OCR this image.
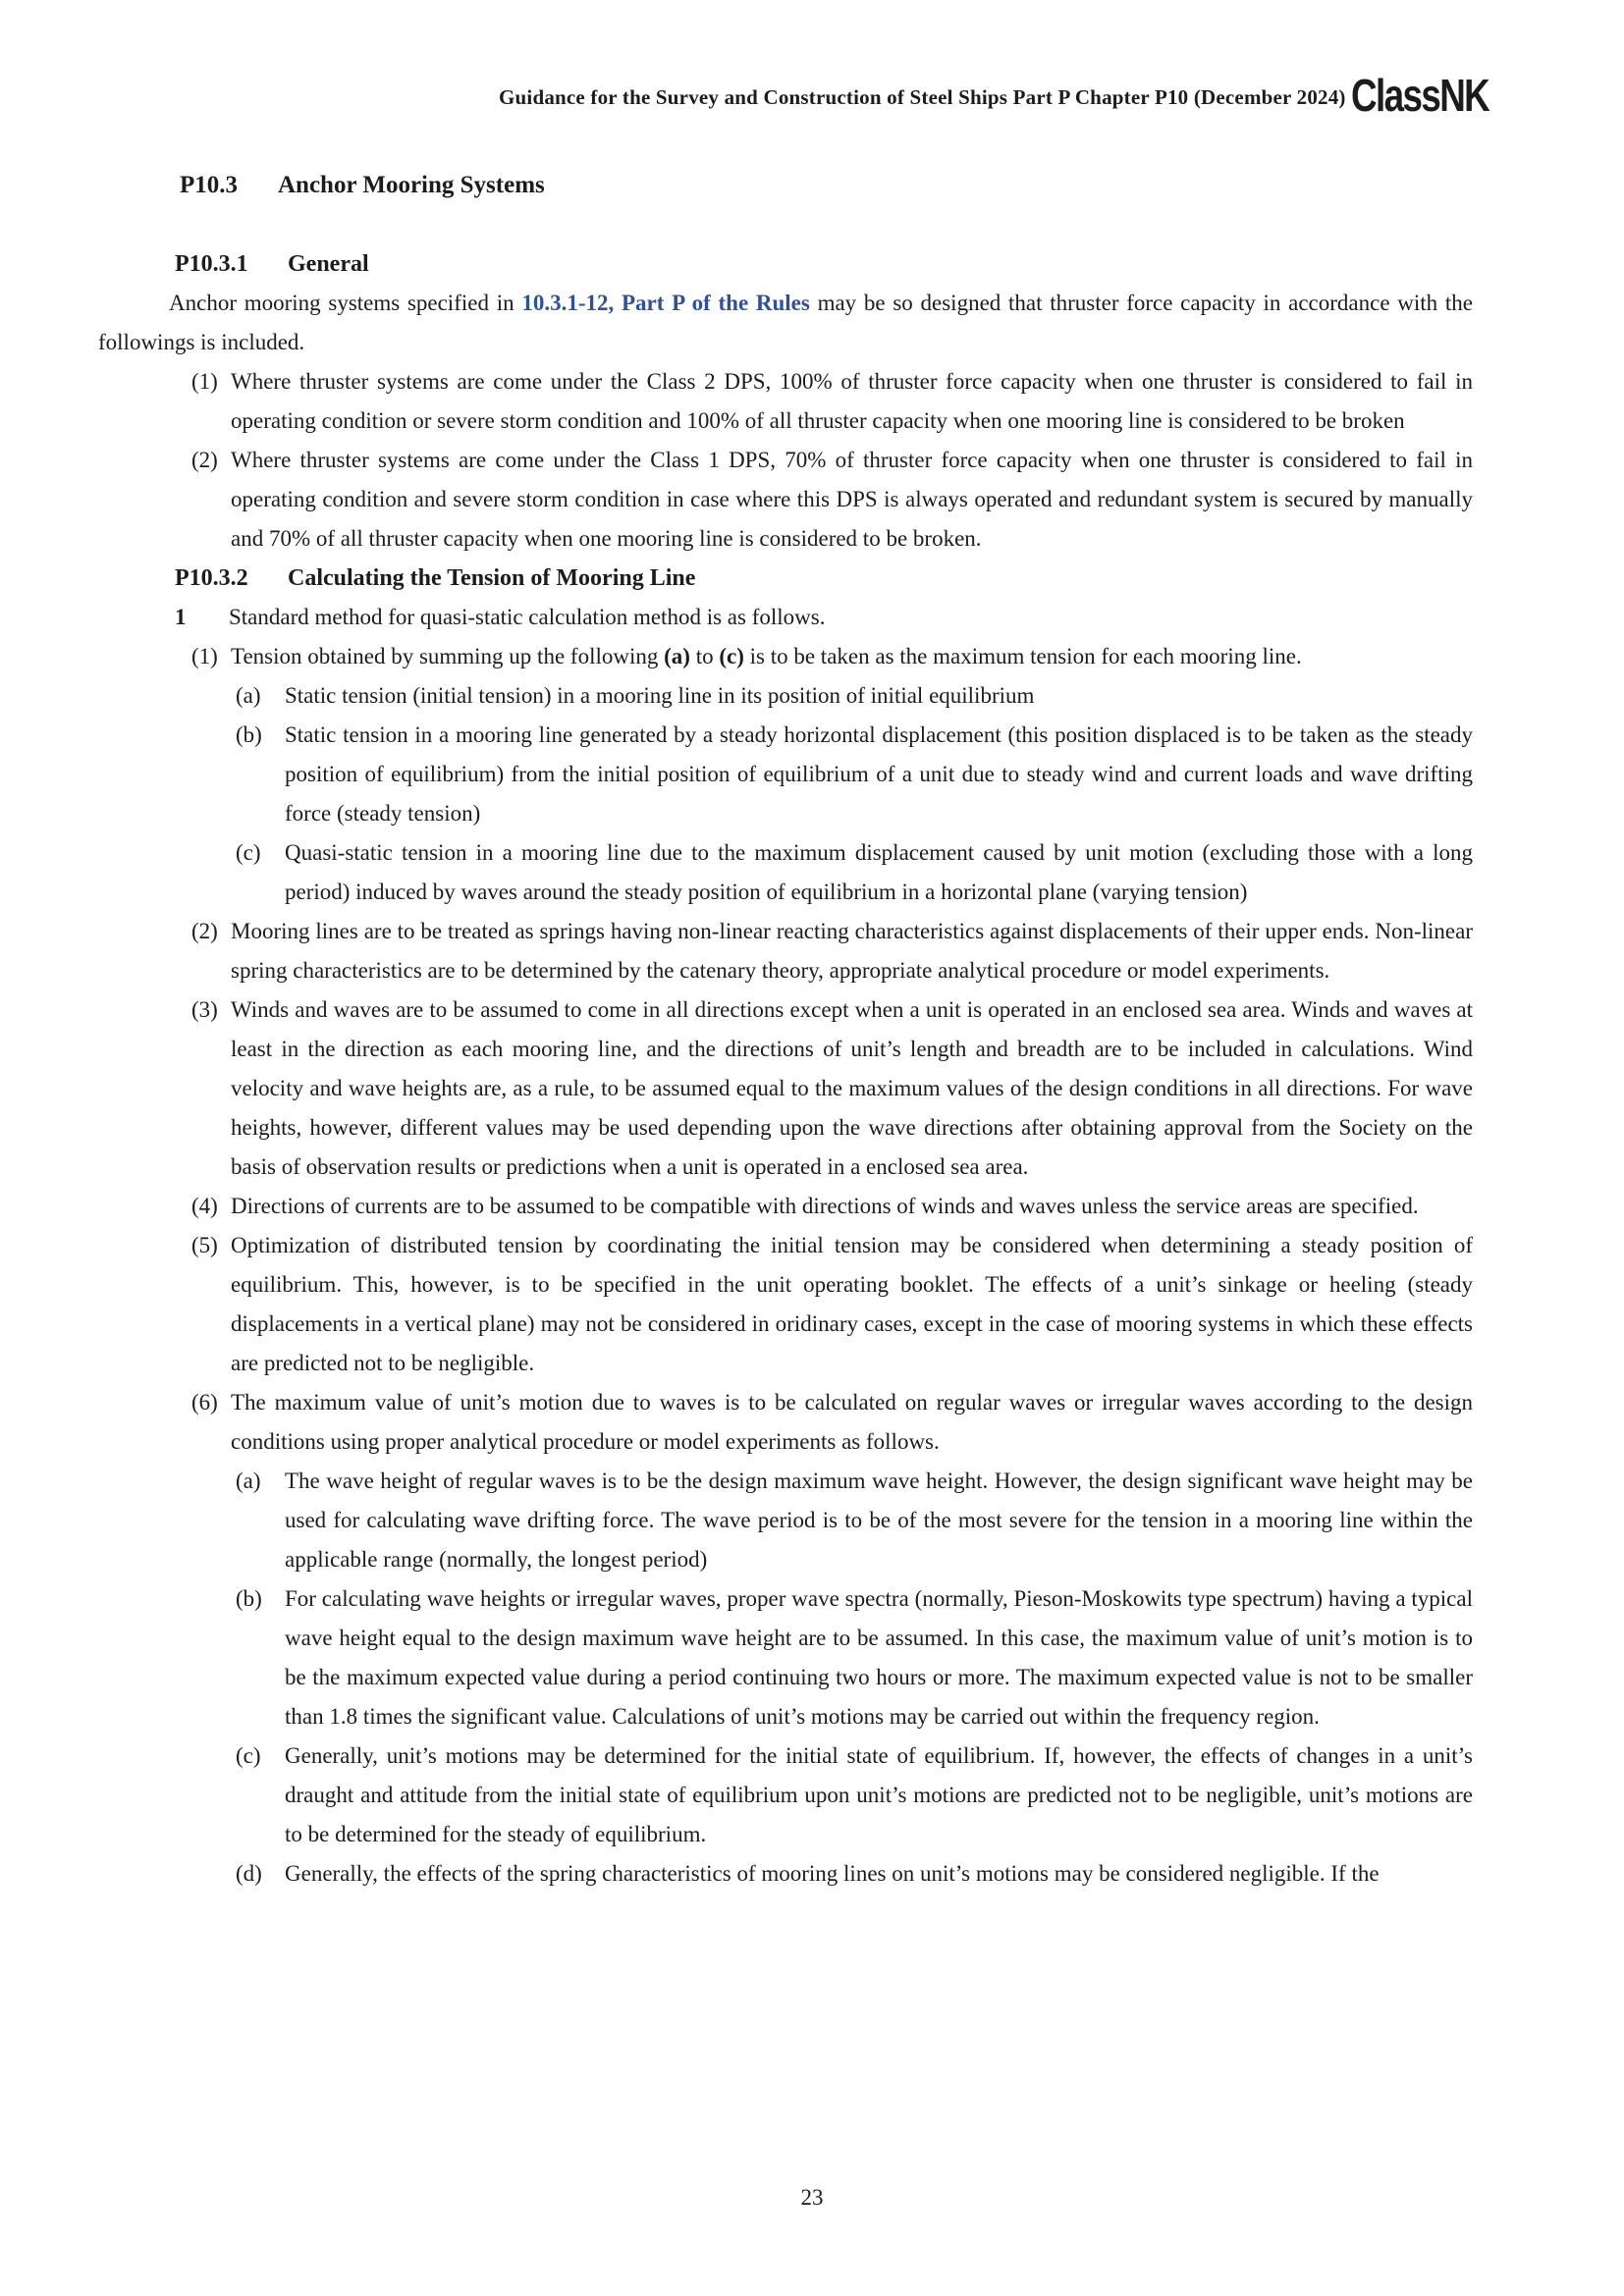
Guidance for the Survey and Construction of Steel Ships Part P Chapter P10 (December 2024) ClassNK
P10.3 Anchor Mooring Systems
P10.3.1 General

Anchor mooring systems specified in 10.3.1-12, Part P of the Rules may be so designed that thruster force capacity in accordance with the followings is included.

(1) Where thruster systems are come under the Class 2 DPS, 100% of thruster force capacity when one thruster is considered to fail in operating condition or severe storm condition and 100% of all thruster capacity when one mooring line is considered to be broken
(2) Where thruster systems are come under the Class 1 DPS, 70% of thruster force capacity when one thruster is considered to fail in operating condition and severe storm condition in case where this DPS is always operated and redundant system is secured by manually and 70% of all thruster capacity when one mooring line is considered to be broken.
P10.3.2 Calculating the Tension of Mooring Line
1 Standard method for quasi-static calculation method is as follows.
(1) Tension obtained by summing up the following (a) to (c) is to be taken as the maximum tension for each mooring line.
(a) Static tension (initial tension) in a mooring line in its position of initial equilibrium
(b) Static tension in a mooring line generated by a steady horizontal displacement (this position displaced is to be taken as the steady position of equilibrium) from the initial position of equilibrium of a unit due to steady wind and current loads and wave drifting force (steady tension)
(c) Quasi-static tension in a mooring line due to the maximum displacement caused by unit motion (excluding those with a long period) induced by waves around the steady position of equilibrium in a horizontal plane (varying tension)
(2) Mooring lines are to be treated as springs having non-linear reacting characteristics against displacements of their upper ends. Non-linear spring characteristics are to be determined by the catenary theory, appropriate analytical procedure or model experiments.
(3) Winds and waves are to be assumed to come in all directions except when a unit is operated in an enclosed sea area. Winds and waves at least in the direction as each mooring line, and the directions of unit’s length and breadth are to be included in calculations. Wind velocity and wave heights are, as a rule, to be assumed equal to the maximum values of the design conditions in all directions. For wave heights, however, different values may be used depending upon the wave directions after obtaining approval from the Society on the basis of observation results or predictions when a unit is operated in a enclosed sea area.
(4) Directions of currents are to be assumed to be compatible with directions of winds and waves unless the service areas are specified.
(5) Optimization of distributed tension by coordinating the initial tension may be considered when determining a steady position of equilibrium. This, however, is to be specified in the unit operating booklet. The effects of a unit’s sinkage or heeling (steady displacements in a vertical plane) may not be considered in oridinary cases, except in the case of mooring systems in which these effects are predicted not to be negligible.
(6) The maximum value of unit’s motion due to waves is to be calculated on regular waves or irregular waves according to the design conditions using proper analytical procedure or model experiments as follows.
(a) The wave height of regular waves is to be the design maximum wave height. However, the design significant wave height may be used for calculating wave drifting force. The wave period is to be of the most severe for the tension in a mooring line within the applicable range (normally, the longest period)
(b) For calculating wave heights or irregular waves, proper wave spectra (normally, Pieson-Moskowits type spectrum) having a typical wave height equal to the design maximum wave height are to be assumed. In this case, the maximum value of unit’s motion is to be the maximum expected value during a period continuing two hours or more. The maximum expected value is not to be smaller than 1.8 times the significant value. Calculations of unit’s motions may be carried out within the frequency region.
(c) Generally, unit’s motions may be determined for the initial state of equilibrium. If, however, the effects of changes in a unit’s draught and attitude from the initial state of equilibrium upon unit’s motions are predicted not to be negligible, unit’s motions are to be determined for the steady of equilibrium.
(d) Generally, the effects of the spring characteristics of mooring lines on unit’s motions may be considered negligible. If the
23
